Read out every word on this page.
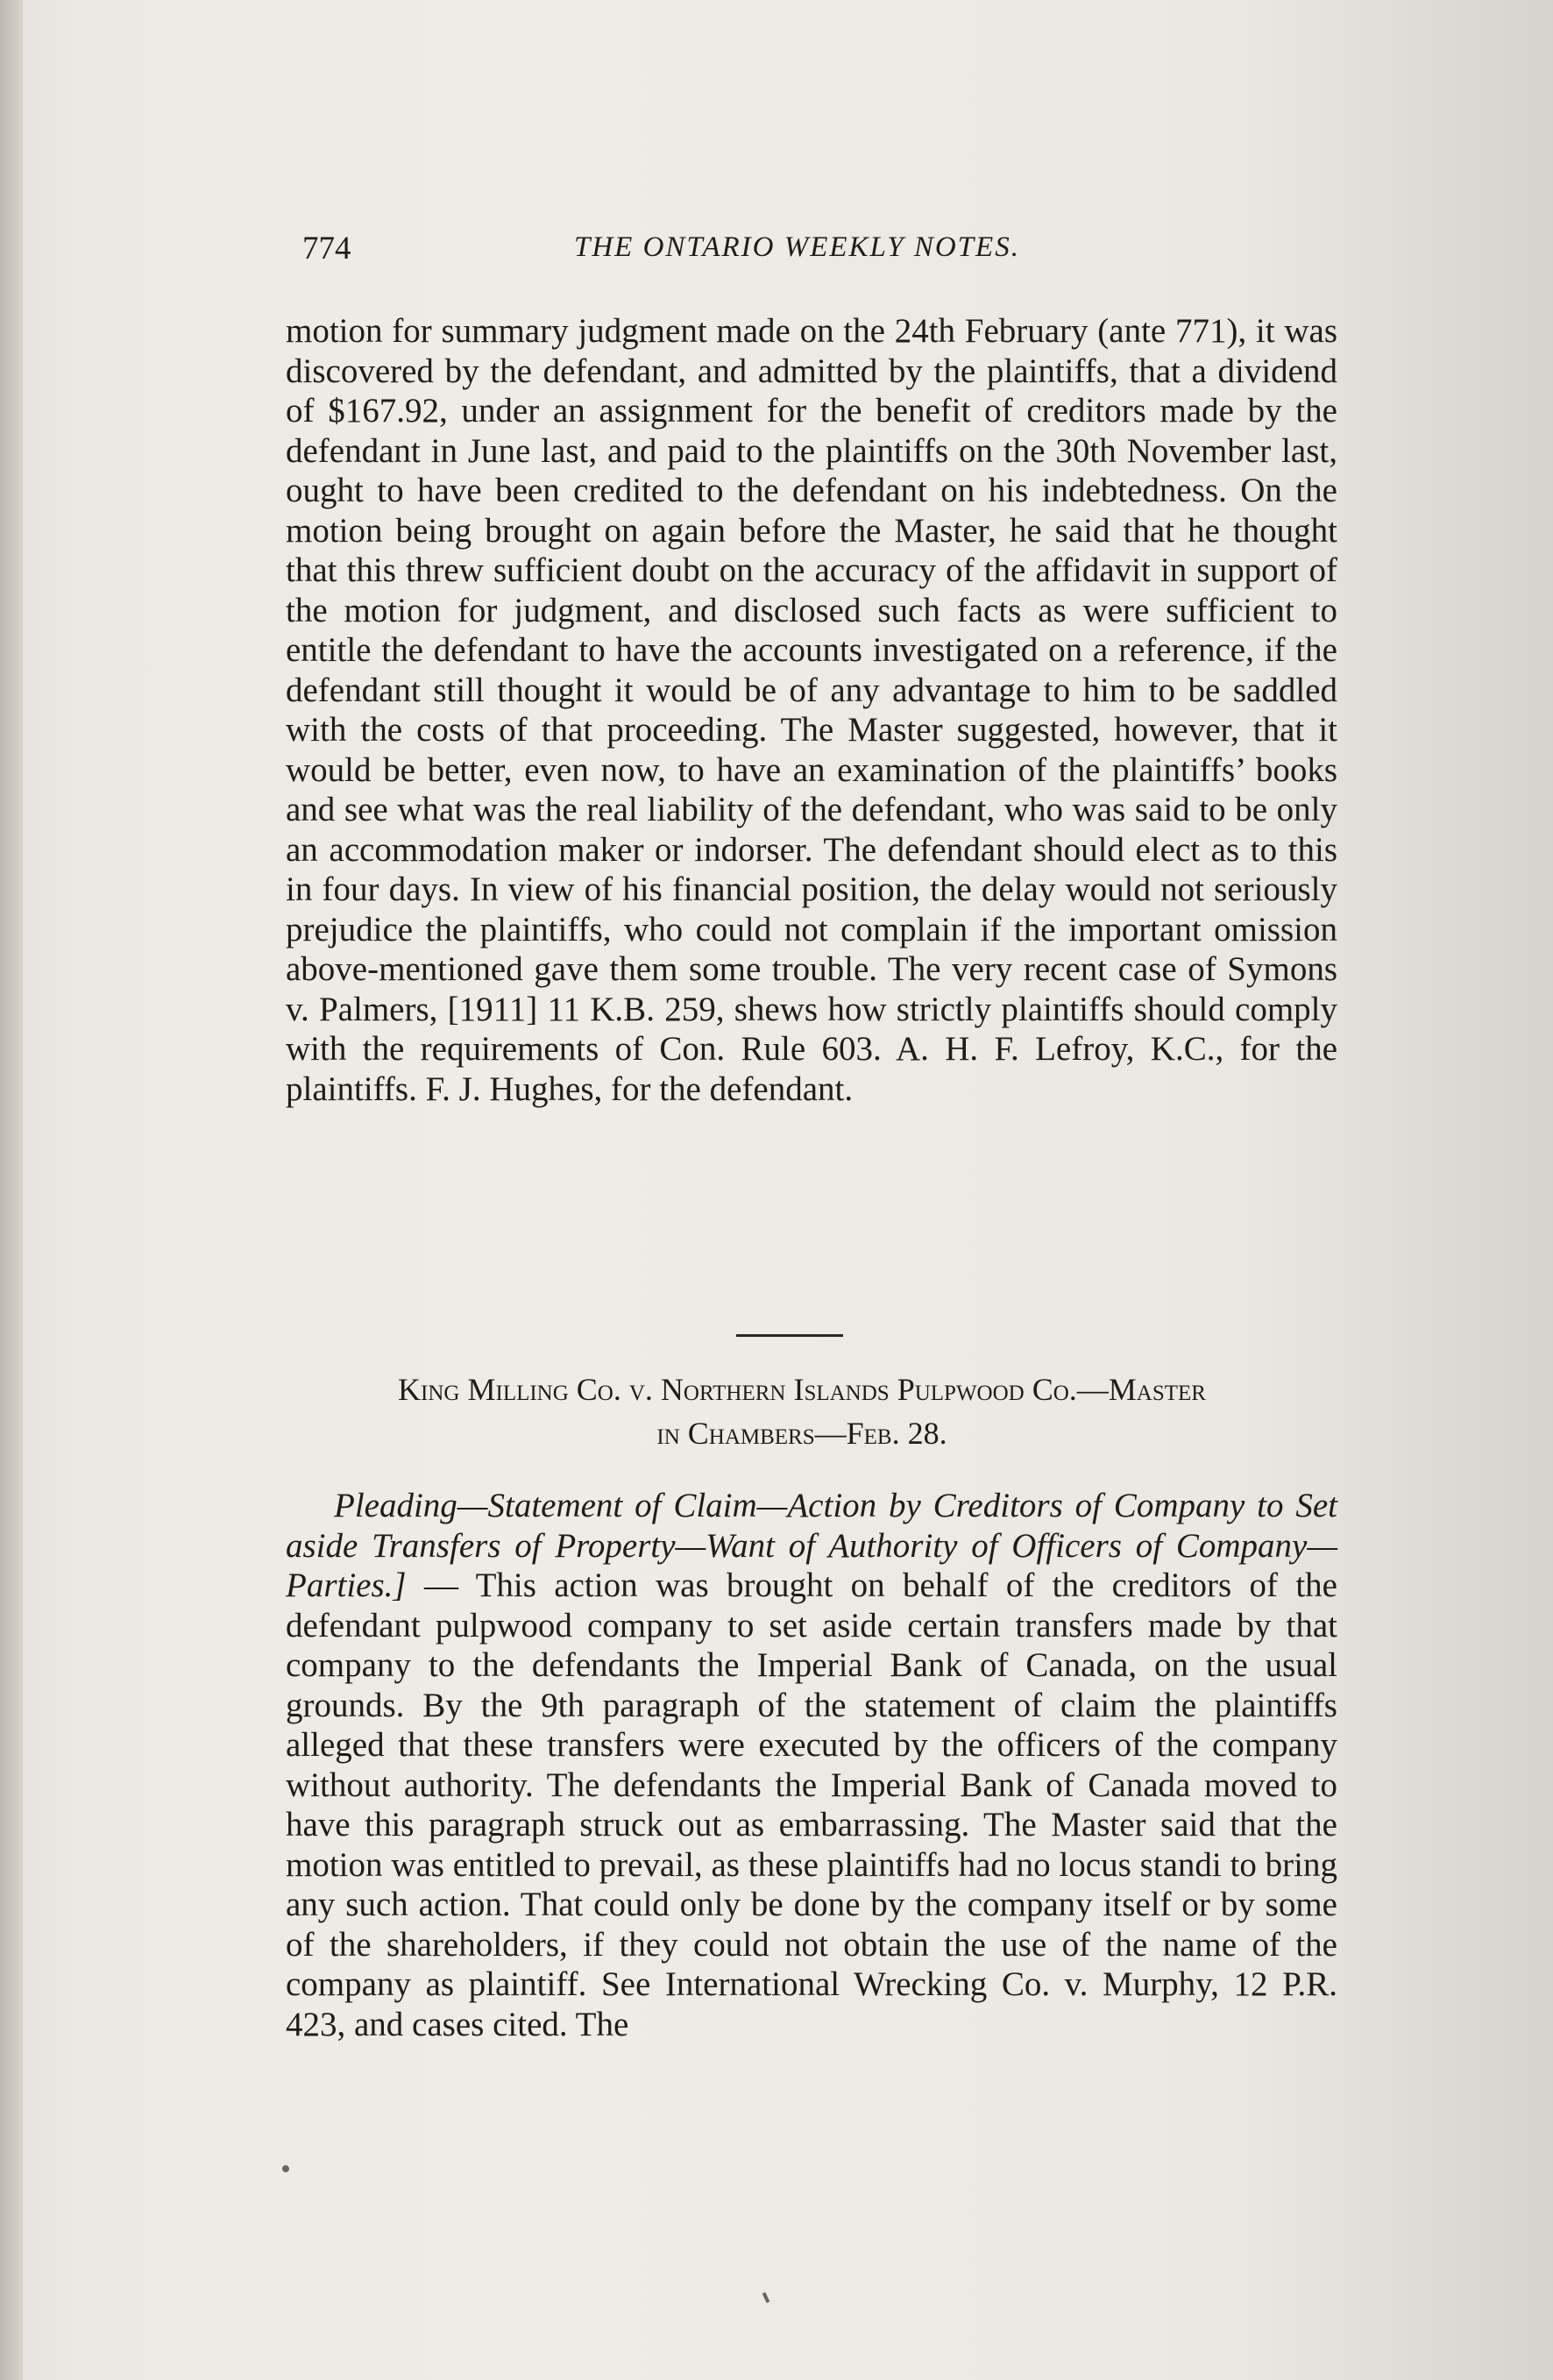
774	THE ONTARIO WEEKLY NOTES.

motion for summary judgment made on the 24th February (ante 771), it was discovered by the defendant, and admitted by the plaintiffs, that a dividend of $167.92, under an assignment for the benefit of creditors made by the defendant in June last, and paid to the plaintiffs on the 30th November last, ought to have been credited to the defendant on his indebtedness. On the motion being brought on again before the Master, he said that he thought that this threw sufficient doubt on the accuracy of the affidavit in support of the motion for judgment, and disclosed such facts as were sufficient to entitle the defendant to have the accounts investigated on a reference, if the defendant still thought it would be of any advantage to him to be saddled with the costs of that proceeding. The Master suggested, however, that it would be better, even now, to have an examination of the plaintiffs’ books and see what was the real liability of the defendant, who was said to be only an accommodation maker or indorser. The defendant should elect as to this in four days. In view of his financial position, the delay would not seriously prejudice the plaintiffs, who could not complain if the important omission above-mentioned gave them some trouble. The very recent case of Symons v. Palmers, [1911] 11 K.B. 259, shews how strictly plaintiffs should comply with the requirements of Con. Rule 603. A. H. F. Lefroy, K.C., for the plaintiffs. F. J. Hughes, for the defendant.

King Milling Co. v. Northern Islands Pulpwood Co.—Master
in Chambers—Feb. 28.

Pleading—Statement of Claim—Action by Creditors of Company to Set aside Transfers of Property—Want of Authority of Officers of Company—Parties.] — This action was brought on behalf of the creditors of the defendant pulpwood company to set aside certain transfers made by that company to the defendants the Imperial Bank of Canada, on the usual grounds. By the 9th paragraph of the statement of claim the plaintiffs alleged that these transfers were executed by the officers of the company without authority. The defendants the Imperial Bank of Canada moved to have this paragraph struck out as embarrassing. The Master said that the motion was entitled to prevail, as these plaintiffs had no locus standi to bring any such action. That could only be done by the company itself or by some of the shareholders, if they could not obtain the use of the name of the company as plaintiff. See International Wrecking Co. v. Murphy, 12 P.R. 423, and cases cited. The
